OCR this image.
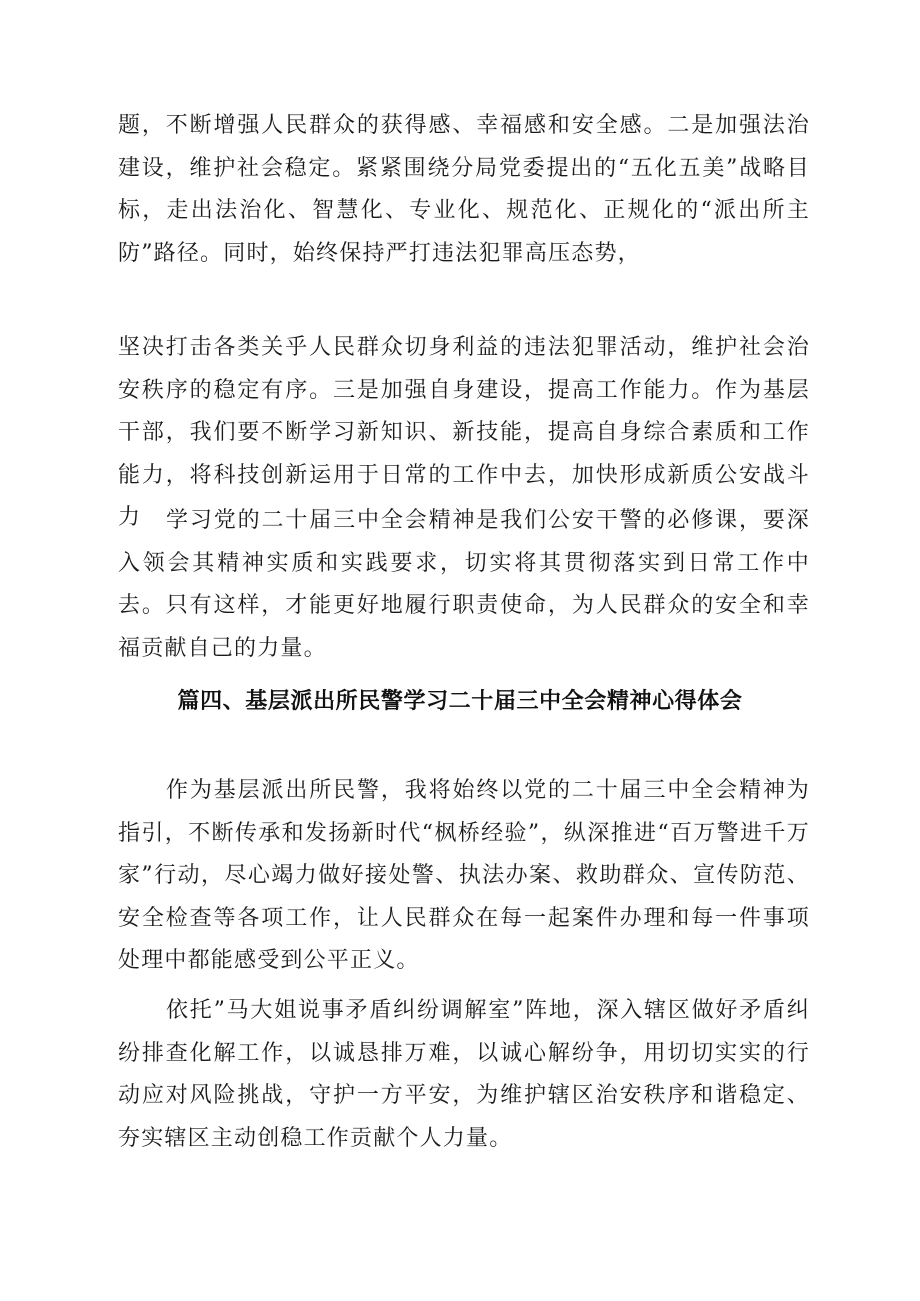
题，不断增强人民群众的获得感、幸福感和安全感。二是加强法治建设，维护社会稳定。紧紧围绕分局党委提出的“五化五美”战略目标，走出法治化、智慧化、专业化、规范化、正规化的“派出所主防”路径。同时，始终保持严打违法犯罪高压态势，

坚决打击各类关乎人民群众切身利益的违法犯罪活动，维护社会治安秩序的稳定有序。三是加强自身建设，提高工作能力。作为基层干部，我们要不断学习新知识、新技能，提高自身综合素质和工作能力，将科技创新运用于日常的工作中去，加快形成新质公安战斗力	学习党的二十届三中全会精神是我们公安干警的必修课，要深入领会其精神实质和实践要求，切实将其贯彻落实到日常工作中去。只有这样，才能更好地履行职责使命，为人民群众的安全和幸福贡献自己的力量。

篇四、基层派出所民警学习二十届三中全会精神心得体会

作为基层派出所民警，我将始终以党的二十届三中全会精神为指引，不断传承和发扬新时代“枫桥经验”，纵深推进“百万警进千万家”行动，尽心竭力做好接处警、执法办案、救助群众、宣传防范、安全检查等各项工作，让人民群众在每一起案件办理和每一件事项处理中都能感受到公平正义。

依托”马大姐说事矛盾纠纷调解室”阵地，深入辖区做好矛盾纠纷排查化解工作，以诚恳排万难，以诚心解纷争，用切切实实的行动应对风险挑战，守护一方平安，为维护辖区治安秩序和谐稳定、夯实辖区主动创稳工作贡献个人力量。
